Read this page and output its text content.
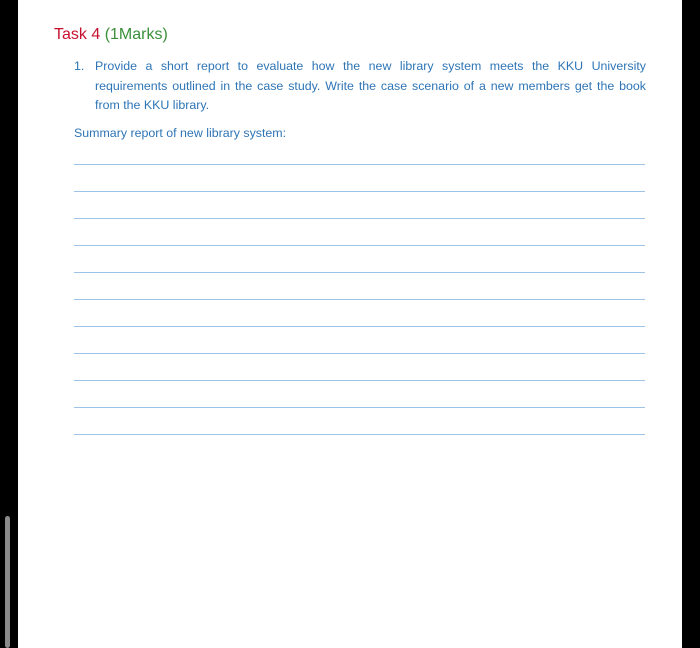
Task 4 (1Marks)
1. Provide a short report to evaluate how the new library system meets the KKU University requirements outlined in the case study. Write the case scenario of a new members get the book from the KKU library.
Summary report of new library system:
